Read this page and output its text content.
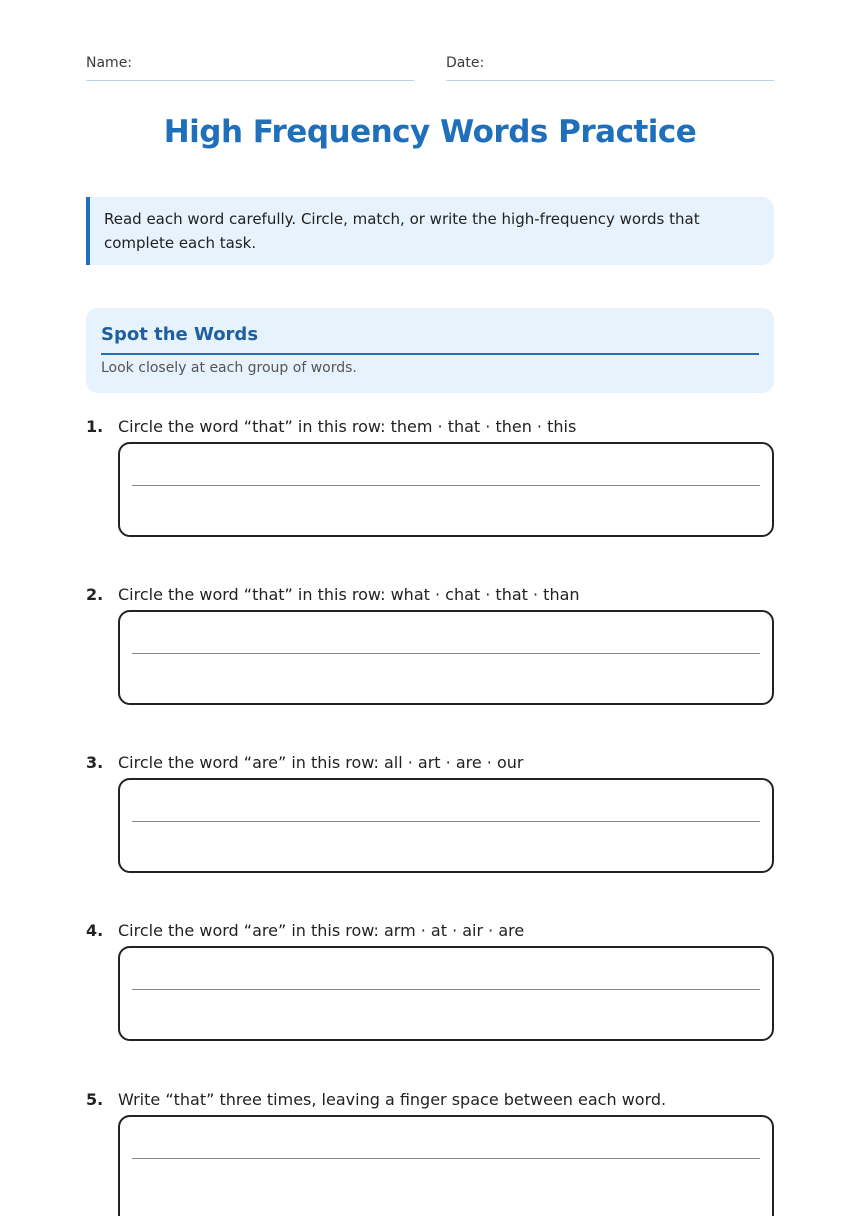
Name:	Date:
High Frequency Words Practice
Read each word carefully. Circle, match, or write the high-frequency words that complete each task.
Spot the Words
Look closely at each group of words.
1. Circle the word “that” in this row: them · that · then · this
2. Circle the word “that” in this row: what · chat · that · than
3. Circle the word “are” in this row: all · art · are · our
4. Circle the word “are” in this row: arm · at · air · are
5. Write “that” three times, leaving a finger space between each word.
